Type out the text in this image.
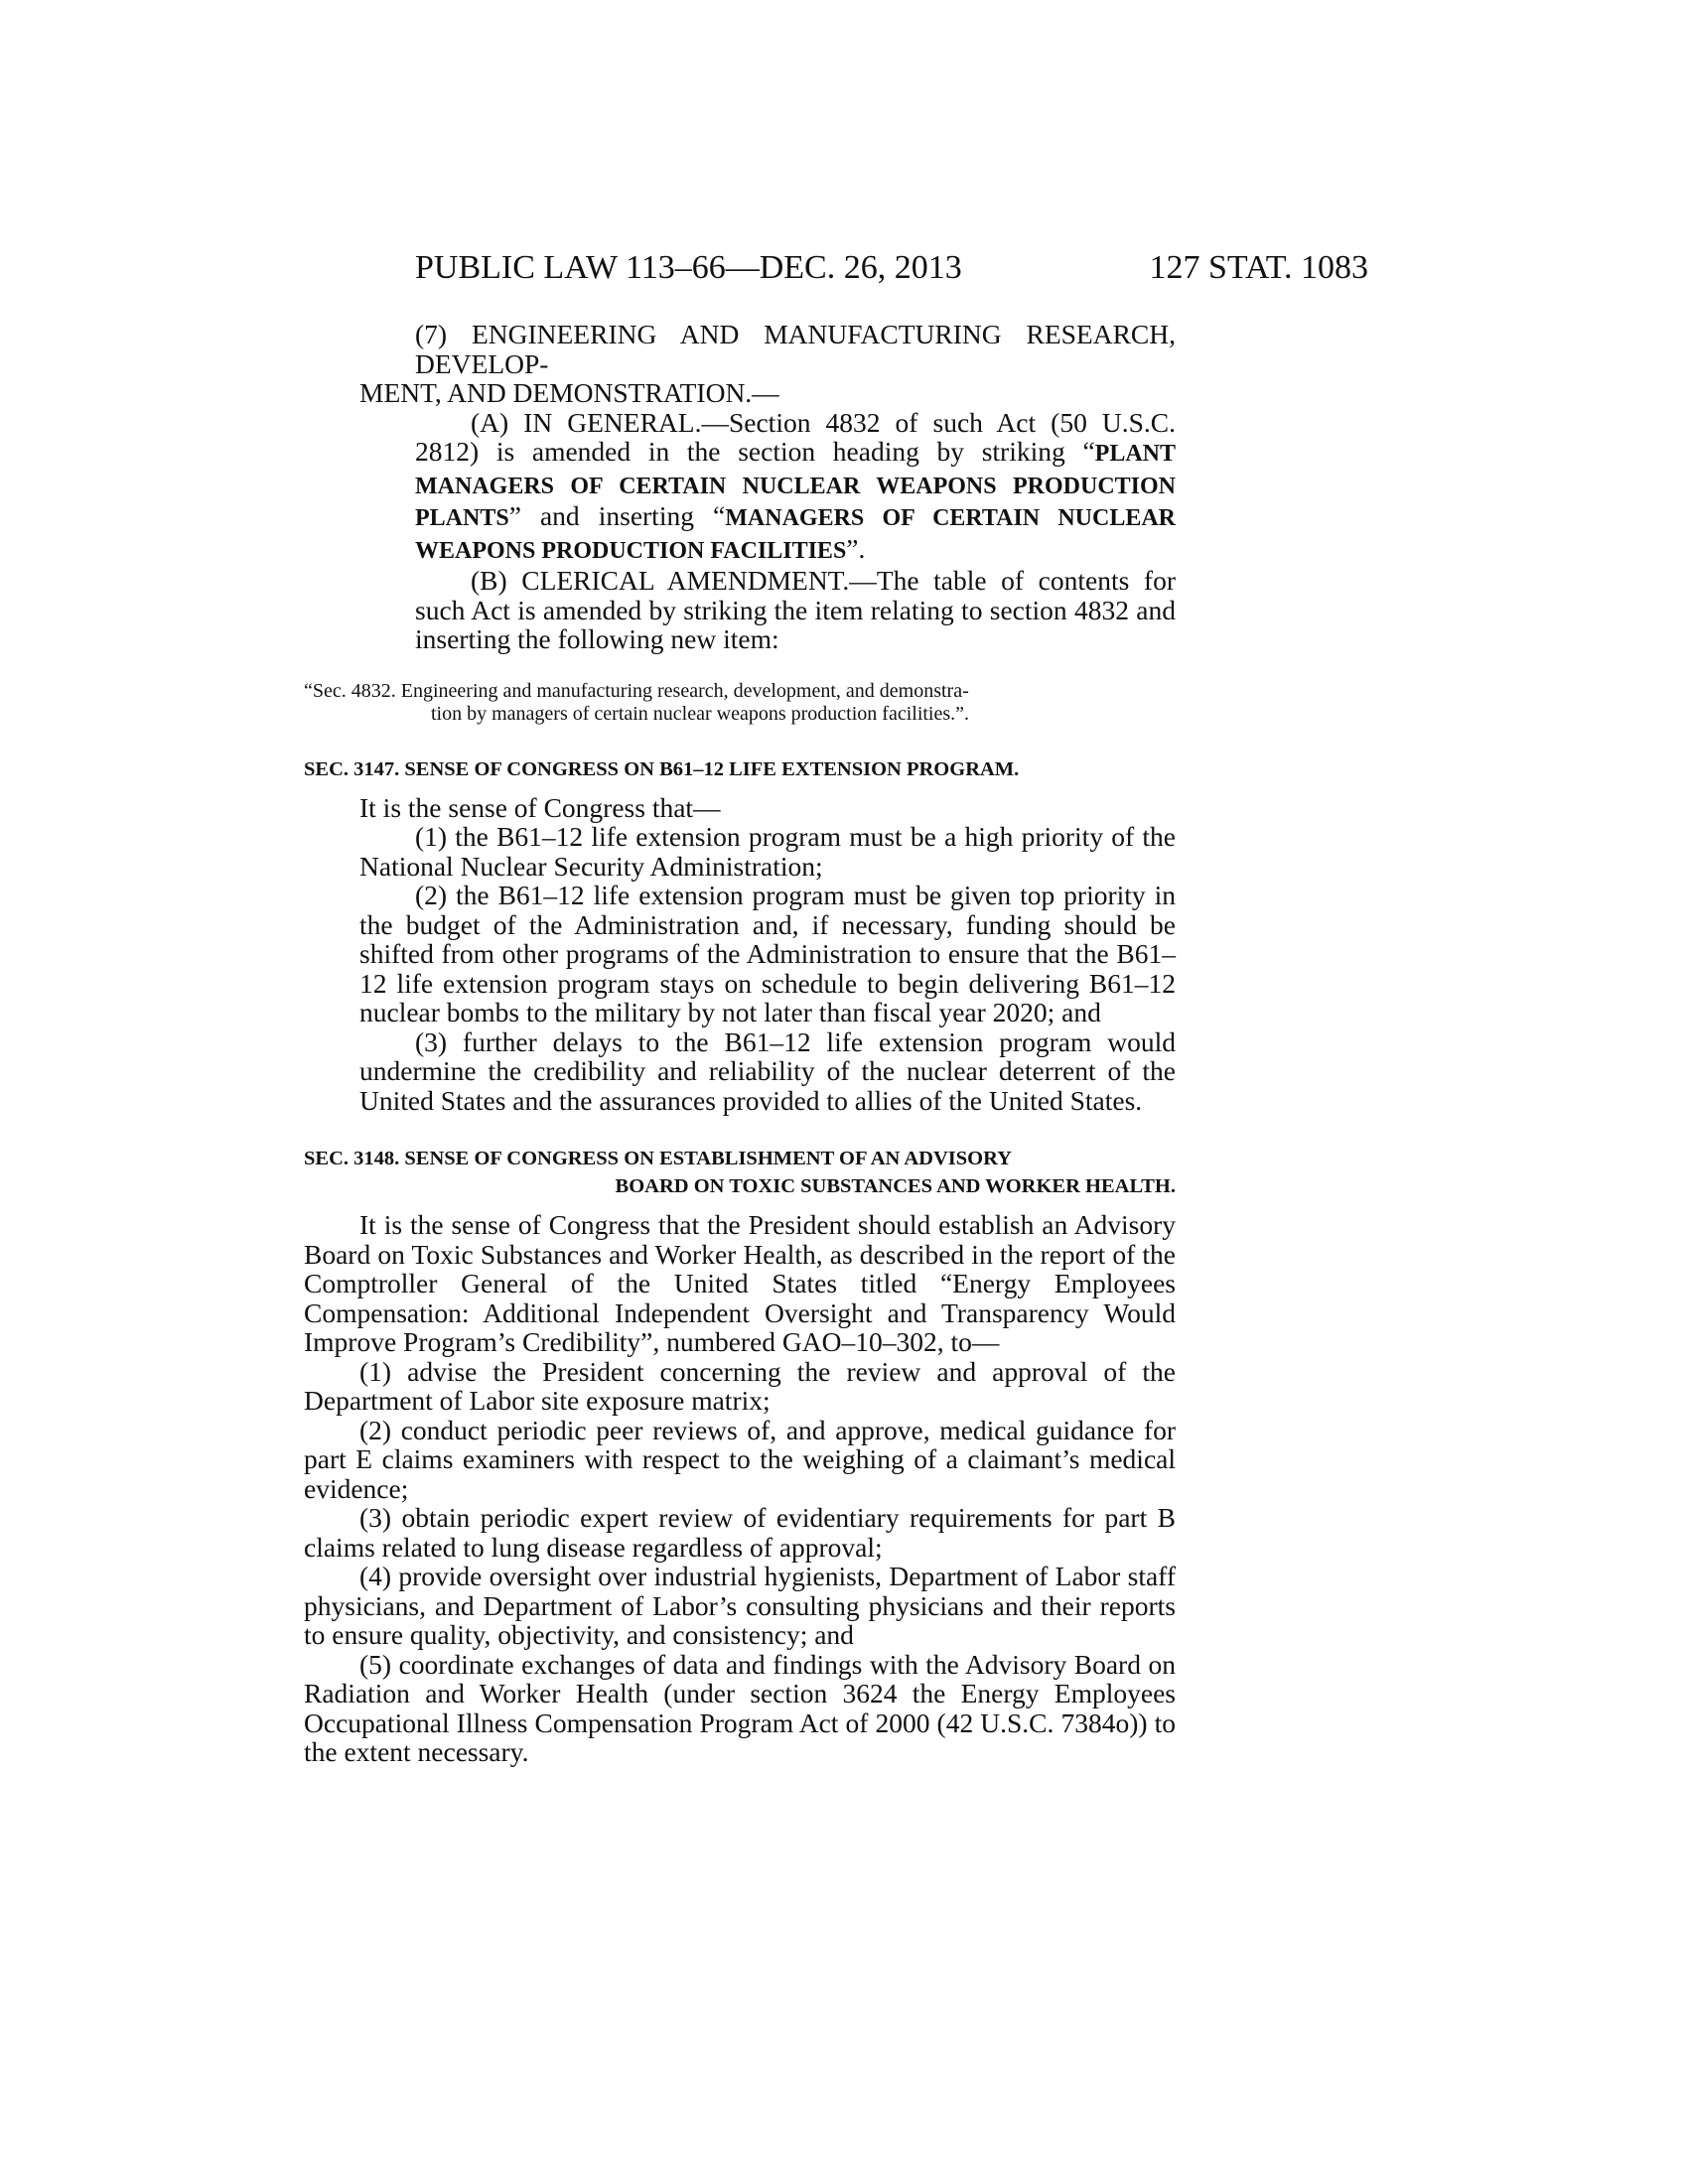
PUBLIC LAW 113–66—DEC. 26, 2013	127 STAT. 1083

(7) ENGINEERING AND MANUFACTURING RESEARCH, DEVELOP-

MENT, AND DEMONSTRATION.—

(A) IN GENERAL.—Section 4832 of such Act (50 U.S.C. 2812) is amended in the section heading by striking “PLANT MANAGERS OF CERTAIN NUCLEAR WEAPONS PRODUCTION PLANTS” and inserting “MANAGERS OF CERTAIN NUCLEAR WEAPONS PRODUCTION FACILITIES”.

(B) CLERICAL AMENDMENT.—The table of contents for such Act is amended by striking the item relating to section 4832 and inserting the following new item:

“Sec. 4832. Engineering and manufacturing research, development, and demonstra-
tion by managers of certain nuclear weapons production facilities.”.
SEC. 3147. SENSE OF CONGRESS ON B61–12 LIFE EXTENSION PROGRAM.

It is the sense of Congress that—

(1) the B61–12 life extension program must be a high priority of the National Nuclear Security Administration;

(2) the B61–12 life extension program must be given top priority in the budget of the Administration and, if necessary, funding should be shifted from other programs of the Administration to ensure that the B61–12 life extension program stays on schedule to begin delivering B61–12 nuclear bombs to the military by not later than fiscal year 2020; and

(3) further delays to the B61–12 life extension program would undermine the credibility and reliability of the nuclear deterrent of the United States and the assurances provided to allies of the United States.

SEC. 3148. SENSE OF CONGRESS ON ESTABLISHMENT OF AN ADVISORY
BOARD ON TOXIC SUBSTANCES AND WORKER HEALTH.

It is the sense of Congress that the President should establish an Advisory Board on Toxic Substances and Worker Health, as described in the report of the Comptroller General of the United States titled “Energy Employees Compensation: Additional Independent Oversight and Transparency Would Improve Program’s Credibility”, numbered GAO–10–302, to—

(1) advise the President concerning the review and approval of the Department of Labor site exposure matrix;

(2) conduct periodic peer reviews of, and approve, medical guidance for part E claims examiners with respect to the weighing of a claimant’s medical evidence;

(3) obtain periodic expert review of evidentiary requirements for part B claims related to lung disease regardless of approval;

(4) provide oversight over industrial hygienists, Department of Labor staff physicians, and Department of Labor’s consulting physicians and their reports to ensure quality, objectivity, and consistency; and

(5) coordinate exchanges of data and findings with the Advisory Board on Radiation and Worker Health (under section 3624 the Energy Employees Occupational Illness Compensation Program Act of 2000 (42 U.S.C. 7384o)) to the extent necessary.
